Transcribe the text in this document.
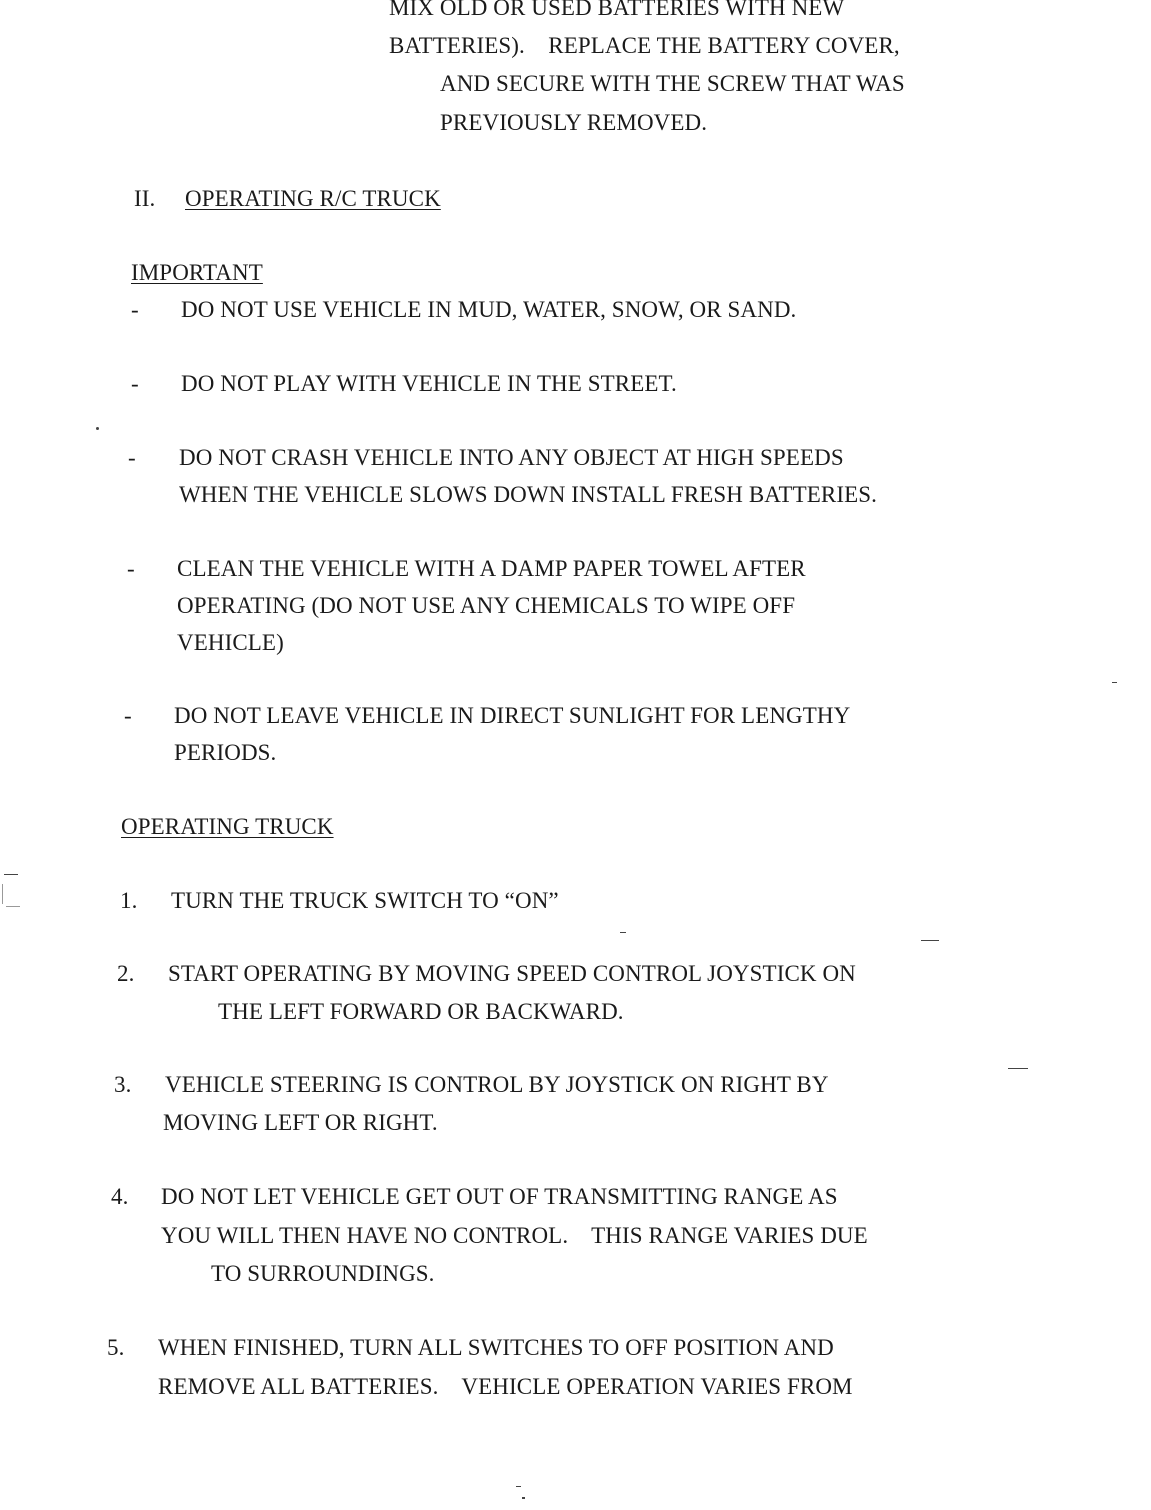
MIX OLD OR USED BATTERIES WITH NEW
BATTERIES).    REPLACE THE BATTERY COVER,
AND SECURE WITH THE SCREW THAT WAS
PREVIOUSLY REMOVED.
II. OPERATING R/C TRUCK
IMPORTANT
- DO NOT USE VEHICLE IN MUD, WATER, SNOW, OR SAND.
- DO NOT PLAY WITH VEHICLE IN THE STREET.
- DO NOT CRASH VEHICLE INTO ANY OBJECT AT HIGH SPEEDS
WHEN THE VEHICLE SLOWS DOWN INSTALL FRESH BATTERIES.
- CLEAN THE VEHICLE WITH A DAMP PAPER TOWEL AFTER
OPERATING (DO NOT USE ANY CHEMICALS TO WIPE OFF
VEHICLE)
- DO NOT LEAVE VEHICLE IN DIRECT SUNLIGHT FOR LENGTHY
PERIODS.
OPERATING TRUCK
1. TURN THE TRUCK SWITCH TO “ON”
2. START OPERATING BY MOVING SPEED CONTROL JOYSTICK ON
THE LEFT FORWARD OR BACKWARD.
3. VEHICLE STEERING IS CONTROL BY JOYSTICK ON RIGHT BY
MOVING LEFT OR RIGHT.
4. DO NOT LET VEHICLE GET OUT OF TRANSMITTING RANGE AS
YOU WILL THEN HAVE NO CONTROL.    THIS RANGE VARIES DUE
TO SURROUNDINGS.
5. WHEN FINISHED, TURN ALL SWITCHES TO OFF POSITION AND
REMOVE ALL BATTERIES.    VEHICLE OPERATION VARIES FROM
